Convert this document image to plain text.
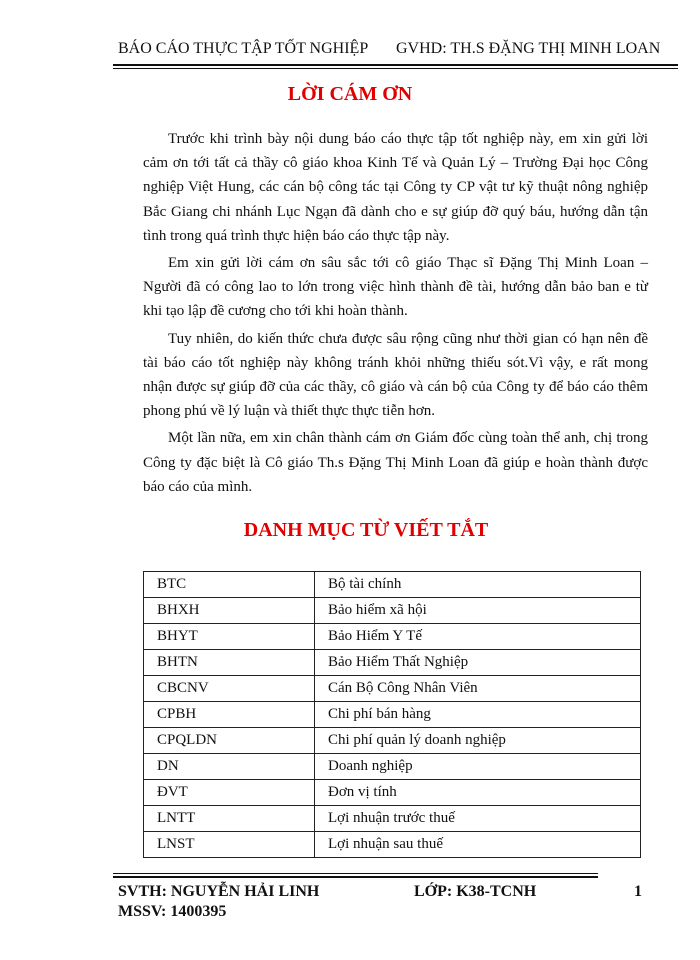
BÁO CÁO THỰC TẬP TỐT NGHIỆP GVHD: TH.S ĐẶNG THỊ MINH LOAN
LỜI CÁM ƠN

Trước khi trình bày nội dung báo cáo thực tập tốt nghiệp này, em xin gửi lời cảm ơn tới tất cả thầy cô giáo khoa Kinh Tế và Quản Lý – Trường Đại học Công nghiệp Việt Hung, các cán bộ công tác tại Công ty CP vật tư kỹ thuật nông nghiệp Bắc Giang chi nhánh Lục Ngạn đã dành cho e sự giúp đỡ quý báu, hướng dẫn tận tình trong quá trình thực hiện báo cáo thực tập này.

Em xin gửi lời cám ơn sâu sắc tới cô giáo Thạc sĩ Đặng Thị Minh Loan – Người đã có công lao to lớn trong việc hình thành đề tài, hướng dẫn bảo ban e từ khi tạo lập đề cương cho tới khi hoàn thành.

Tuy nhiên, do kiến thức chưa được sâu rộng cũng như thời gian có hạn nên đề tài báo cáo tốt nghiệp này không tránh khỏi những thiếu sót.Vì vậy, e rất mong nhận được sự giúp đỡ của các thầy, cô giáo và cán bộ của Công ty để báo cáo thêm phong phú về lý luận và thiết thực thực tiễn hơn.

Một lần nữa, em xin chân thành cám ơn Giám đốc cùng toàn thể anh, chị trong Công ty đặc biệt là Cô giáo Th.s Đặng Thị Minh Loan đã giúp e hoàn thành được báo cáo của mình.

DANH MỤC TỪ VIẾT TẮT
BTC	Bộ tài chính
BHXH	Bảo hiểm xã hội
BHYT	Bảo Hiểm Y Tế
BHTN	Bảo Hiểm Thất Nghiệp
CBCNV	Cán Bộ Công Nhân Viên
CPBH	Chi phí bán hàng
CPQLDN	Chi phí quản lý doanh nghiệp
DN	Doanh nghiệp
ĐVT	Đơn vị tính
LNTT	Lợi nhuận trước thuế
LNST	Lợi nhuận sau thuế
SVTH: NGUYỄN HẢI LINH	LỚP: K38-TCNH	1
MSSV: 1400395
